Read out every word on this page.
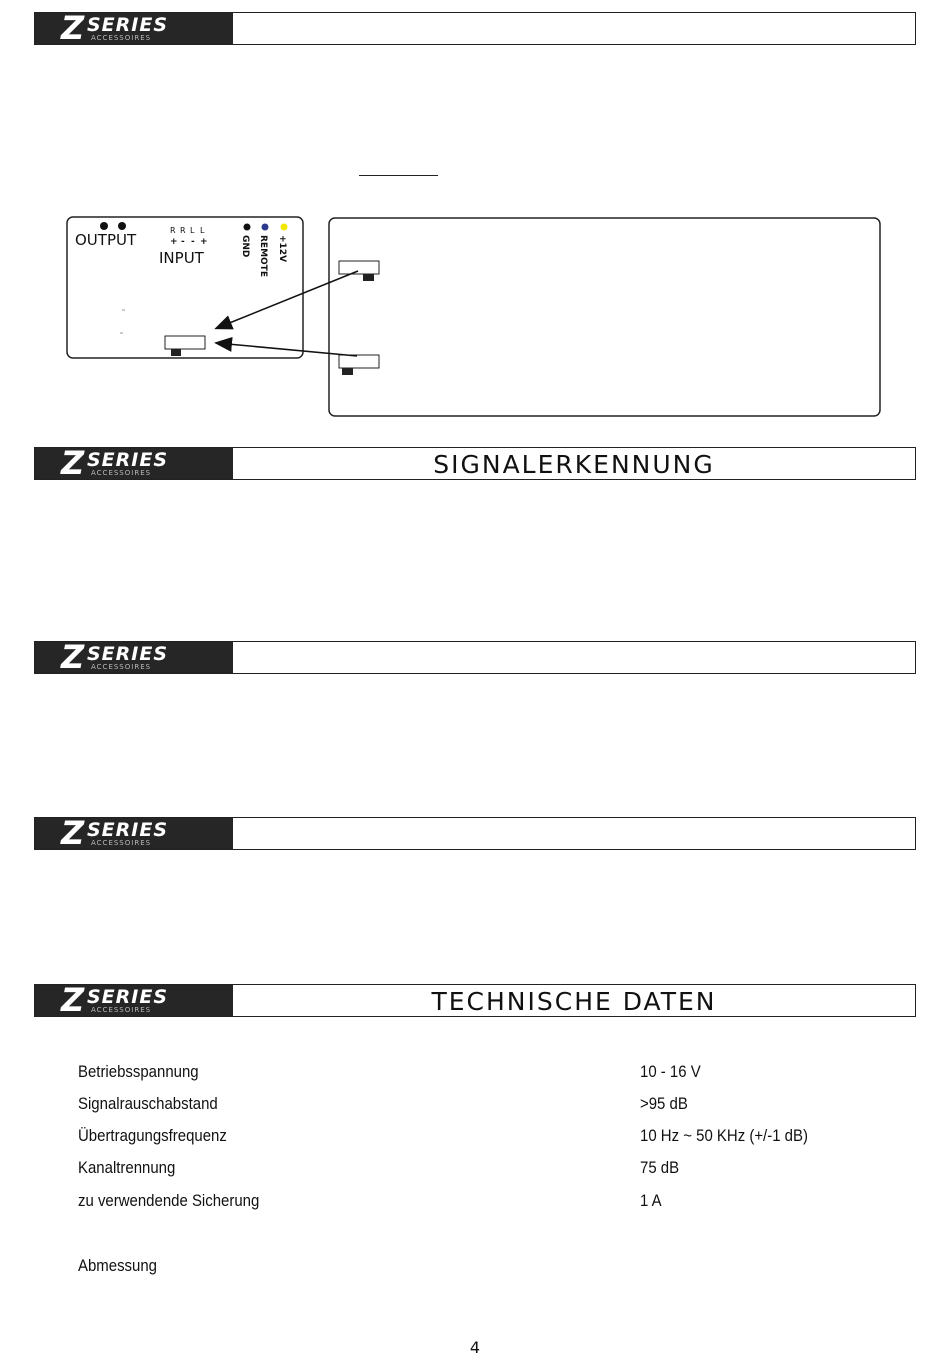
Z SERIES
ACCESSOIRES
OUTPUT
R R L L
+ - - +
INPUT
GND REMOTE +12V
Z SERIES
ACCESSOIRES	SIGNALERKENNUNG
Z SERIES
ACCESSOIRES
Z SERIES
ACCESSOIRES
Z SERIES
ACCESSOIRES	TECHNISCHE DATEN
Betriebsspannung	10 - 16 V
Signalrauschabstand	>95 dB
Übertragungsfrequenz	10 Hz ~ 50 KHz (+/-1 dB)
Kanaltrennung	75 dB
zu verwendende Sicherung	1 A
Abmessung
4
